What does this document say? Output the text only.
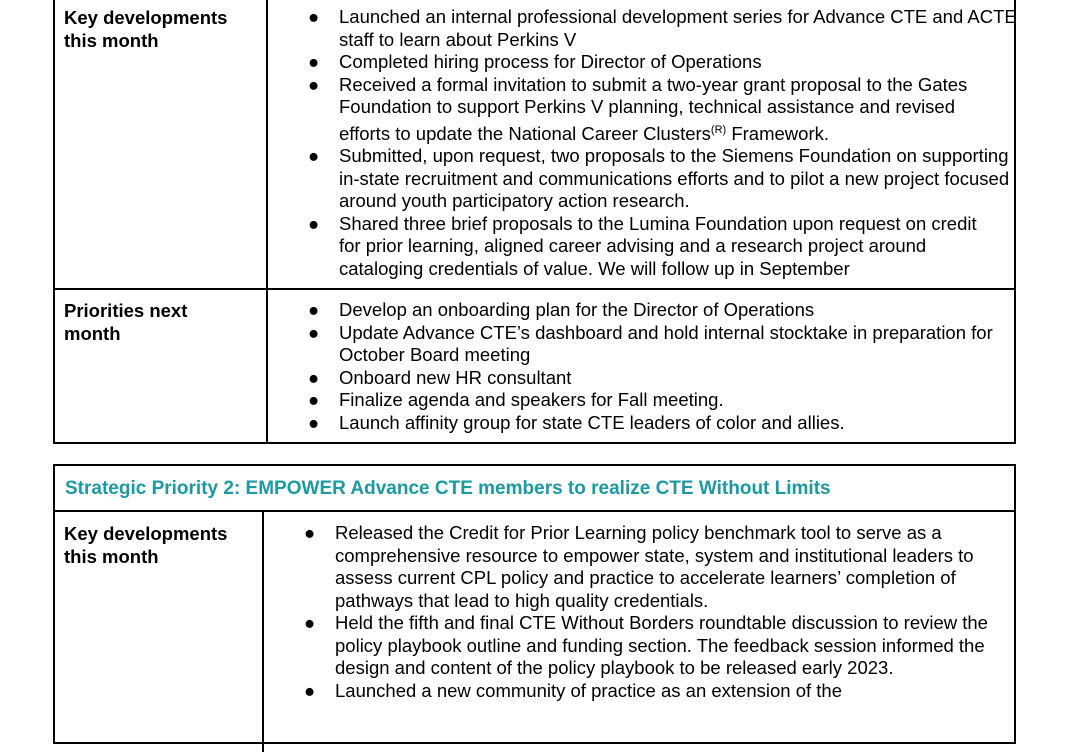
Key developments
this month
● Launched an internal professional development series for Advance CTE and ACTE staff to learn about Perkins V
● Completed hiring process for Director of Operations
● Received a formal invitation to submit a two-year grant proposal to the Gates Foundation to support Perkins V planning, technical assistance and revised efforts to update the National Career Clusters$^{(R)}$ Framework.
● Submitted, upon request, two proposals to the Siemens Foundation on supporting in-state recruitment and communications efforts and to pilot a new project focused around youth participatory action research.
● Shared three brief proposals to the Lumina Foundation upon request on credit for prior learning, aligned career advising and a research project around cataloging credentials of value. We will follow up in September
Priorities next
month
● Develop an onboarding plan for the Director of Operations
● Update Advance CTE’s dashboard and hold internal stocktake in preparation for October Board meeting
● Onboard new HR consultant
● Finalize agenda and speakers for Fall meeting.
● Launch affinity group for state CTE leaders of color and allies.
Strategic Priority 2: EMPOWER Advance CTE members to realize CTE Without Limits
Key developments
this month
● Released the Credit for Prior Learning policy benchmark tool to serve as a comprehensive resource to empower state, system and institutional leaders to assess current CPL policy and practice to accelerate learners’ completion of pathways that lead to high quality credentials.
● Held the fifth and final CTE Without Borders roundtable discussion to review the policy playbook outline and funding section. The feedback session informed the design and content of the policy playbook to be released early 2023.
● Launched a new community of practice as an extension of the
